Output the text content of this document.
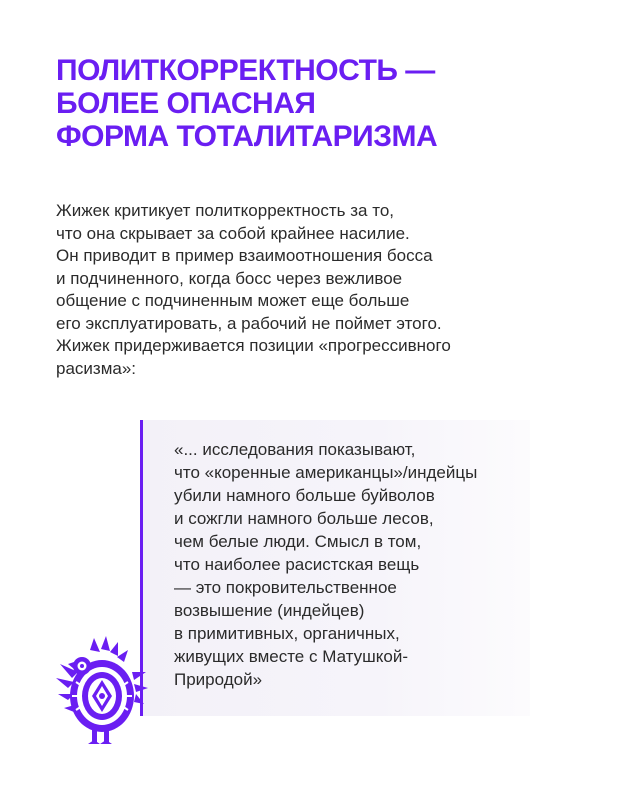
ПОЛИТКОРРЕКТНОСТЬ —
БОЛЕЕ ОПАСНАЯ
ФОРМА ТОТАЛИТАРИЗМА
Жижек критикует политкорректность за то,
что она скрывает за собой крайнее насилие.
Он приводит в пример взаимоотношения босса
и подчиненного, когда босс через вежливое
общение с подчиненным может еще больше
его эксплуатировать, а рабочий не поймет этого.
Жижек придерживается позиции «прогрессивного
расизма»:
«... исследования показывают,
что «коренные американцы»/индейцы
убили намного больше буйволов
и сожгли намного больше лесов,
чем белые люди. Смысл в том,
что наиболее расистская вещь
— это покровительственное
возвышение (индейцев)
в примитивных, органичных,
живущих вместе с Матушкой-
Природой»
